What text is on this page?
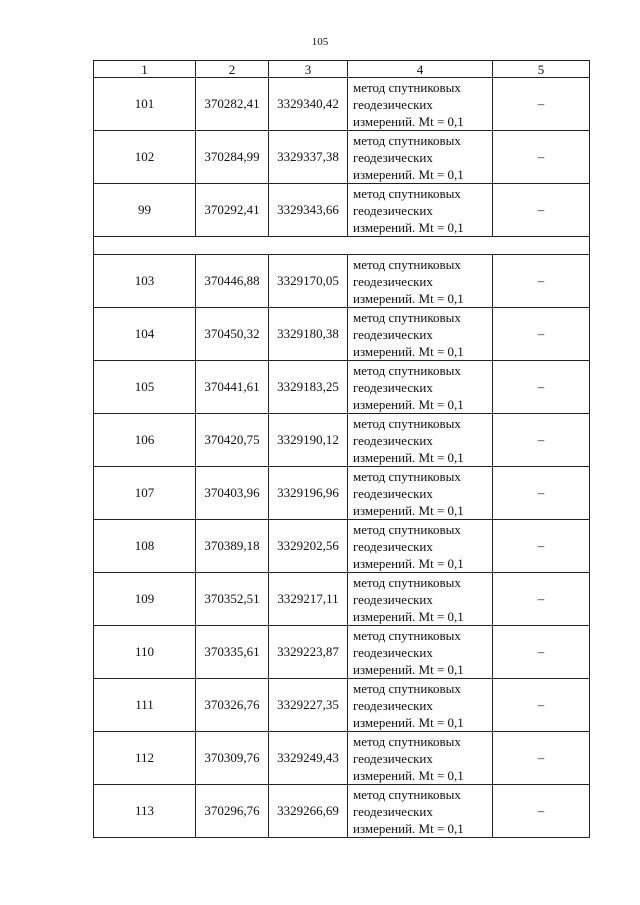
105
1	2	3	4	5
101	370282,41	3329340,42	метод спутниковых
геодезических
измерений. Mt = 0,1	–
102	370284,99	3329337,38	метод спутниковых
геодезических
измерений. Mt = 0,1	–
99	370292,41	3329343,66	метод спутниковых
геодезических
измерений. Mt = 0,1	–

103	370446,88	3329170,05	метод спутниковых
геодезических
измерений. Mt = 0,1	–
104	370450,32	3329180,38	метод спутниковых
геодезических
измерений. Mt = 0,1	–
105	370441,61	3329183,25	метод спутниковых
геодезических
измерений. Mt = 0,1	–
106	370420,75	3329190,12	метод спутниковых
геодезических
измерений. Mt = 0,1	–
107	370403,96	3329196,96	метод спутниковых
геодезических
измерений. Mt = 0,1	–
108	370389,18	3329202,56	метод спутниковых
геодезических
измерений. Mt = 0,1	–
109	370352,51	3329217,11	метод спутниковых
геодезических
измерений. Mt = 0,1	–
110	370335,61	3329223,87	метод спутниковых
геодезических
измерений. Mt = 0,1	–
111	370326,76	3329227,35	метод спутниковых
геодезических
измерений. Mt = 0,1	–
112	370309,76	3329249,43	метод спутниковых
геодезических
измерений. Mt = 0,1	–
113	370296,76	3329266,69	метод спутниковых
геодезических
измерений. Mt = 0,1	–
